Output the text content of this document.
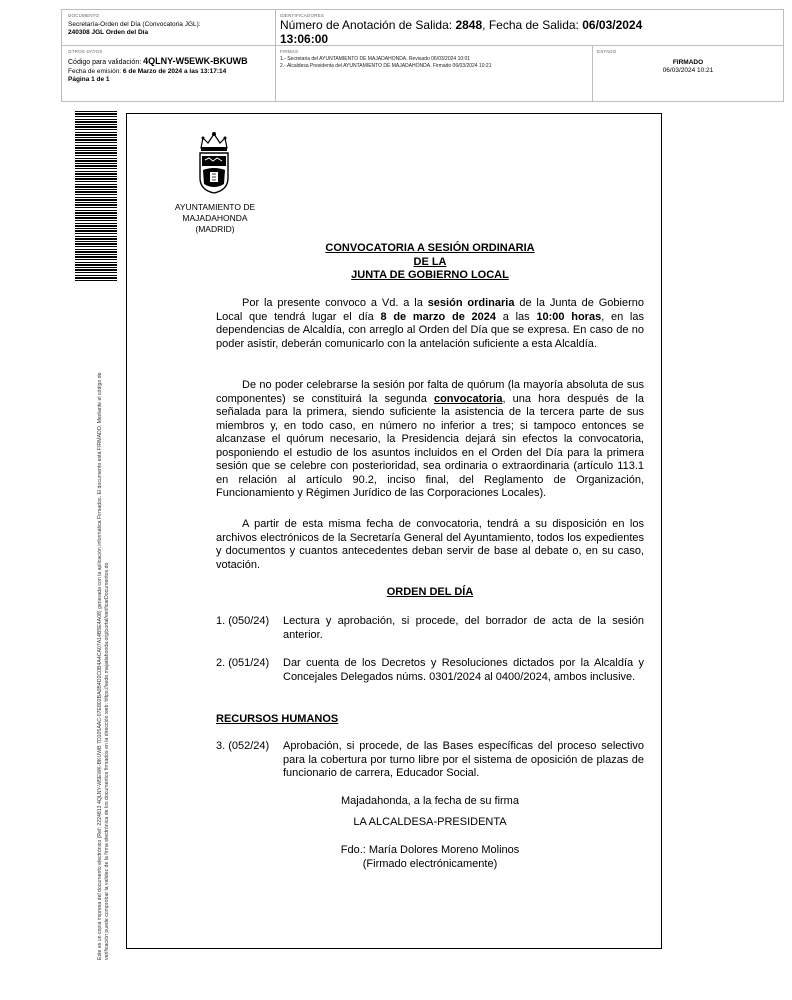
DOCUMENTO
Secretaría-Orden del Día (Convocatoria JGL):
240308 JGL Orden del Día
IDENTIFICADORES
Número de Anotación de Salida: 2848, Fecha de Salida: 06/03/2024
13:06:00
OTROS DATOS
Código para validación: 4QLNY-W5EWK-BKUWB
Fecha de emisión: 6 de Marzo de 2024 a las 13:17:14
Página 1 de 1
FIRMAS
1.- Secretaria del AYUNTAMIENTO DE MAJADAHONDA. Revisado 06/03/2024 10:01
2.- Alcaldesa Presidenta del AYUNTAMIENTO DE MAJADAHONDA. Firmado 06/03/2024 10:21
ESTADO
FIRMADO
06/03/2024 10:21
Este es un copia impresa del documento electrónico (Ref: 2224813 4QLNY-W5EWK-BKUWB 7D105AAC-07E802BA0B4D2C0B4A4CA07A14B5E4A08) generada con la aplicación informática Firmadoc. El documento está FIRMADO. Mediante el código de verificación puede comprobar la validez de la firma electrónica de los documentos firmados en la dirección web: https://sede.majadahonda.org/portal/verificarDocumentos.do
AYUNTAMIENTO DE
MAJADAHONDA
(MADRID)
CONVOCATORIA A SESIÓN ORDINARIA
DE LA
JUNTA DE GOBIERNO LOCAL
Por la presente convoco a Vd. a la sesión ordinaria de la Junta de Gobierno Local que tendrá lugar el día 8 de marzo de 2024 a las 10:00 horas, en las dependencias de Alcaldía, con arreglo al Orden del Día que se expresa. En caso de no poder asistir, deberán comunicarlo con la antelación suficiente a esta Alcaldía.
De no poder celebrarse la sesión por falta de quórum (la mayoría absoluta de sus componentes) se constituirá la segunda convocatoria, una hora después de la señalada para la primera, siendo suficiente la asistencia de la tercera parte de sus miembros y, en todo caso, en número no inferior a tres; si tampoco entonces se alcanzase el quórum necesario, la Presidencia dejará sin efectos la convocatoria, posponiendo el estudio de los asuntos incluidos en el Orden del Día para la primera sesión que se celebre con posterioridad, sea ordinaria o extraordinaria (artículo 113.1 en relación al artículo 90.2, inciso final, del Reglamento de Organización, Funcionamiento y Régimen Jurídico de las Corporaciones Locales).
A partir de esta misma fecha de convocatoria, tendrá a su disposición en los archivos electrónicos de la Secretaría General del Ayuntamiento, todos los expedientes y documentos y cuantos antecedentes deban servir de base al debate o, en su caso, votación.
ORDEN DEL DÍA
1. (050/24) Lectura y aprobación, si procede, del borrador de acta de la sesión anterior.
2. (051/24) Dar cuenta de los Decretos y Resoluciones dictados por la Alcaldía y Concejales Delegados núms. 0301/2024 al 0400/2024, ambos inclusive.
RECURSOS HUMANOS
3. (052/24) Aprobación, si procede, de las Bases específicas del proceso selectivo para la cobertura por turno libre por el sistema de oposición de plazas de funcionario de carrera, Educador Social.
Majadahonda, a la fecha de su firma
LA ALCALDESA-PRESIDENTA
Fdo.: María Dolores Moreno Molinos
(Firmado electrónicamente)
